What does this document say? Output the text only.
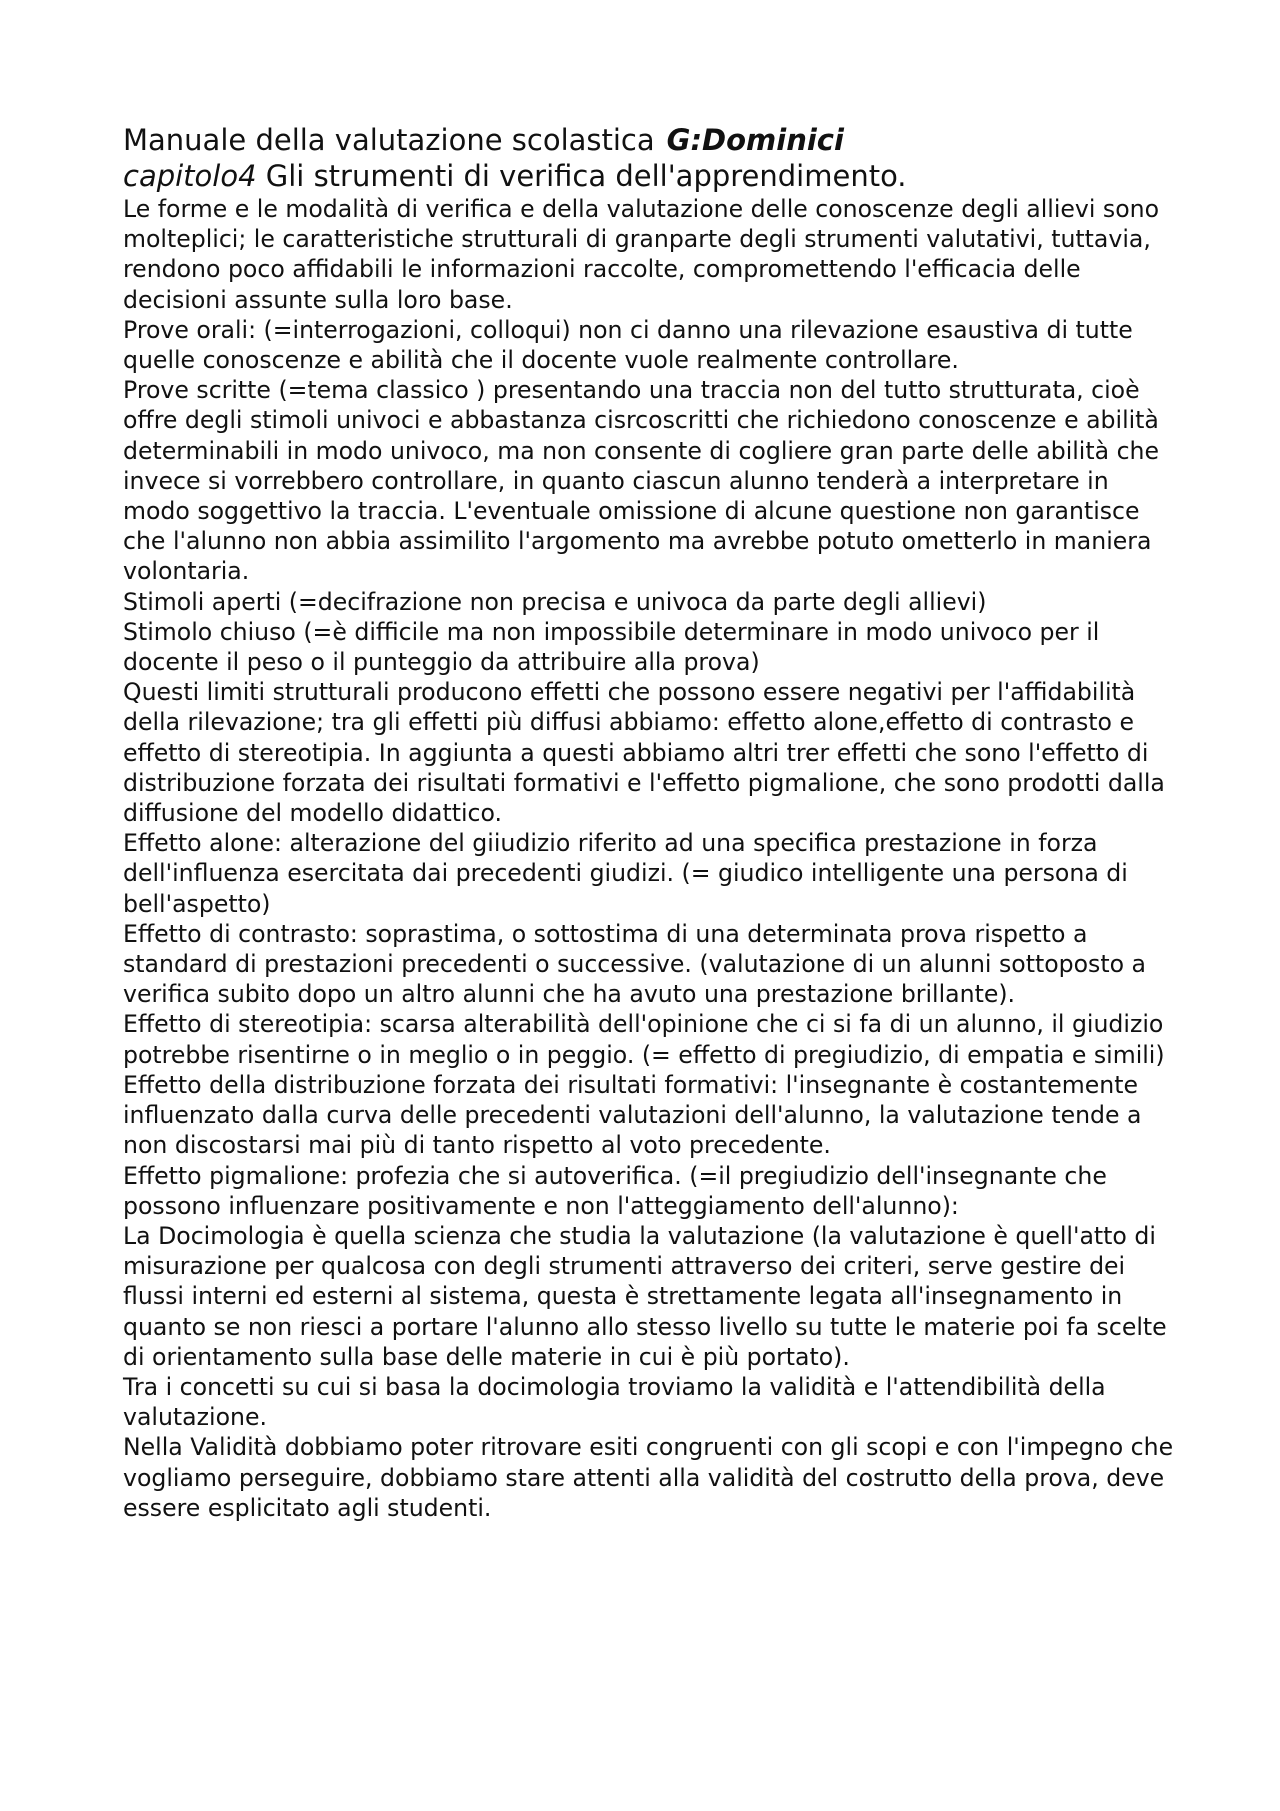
Manuale della valutazione scolastica G:Dominici
capitolo4 Gli strumenti di verifica dell'apprendimento.

Le forme e le modalità di verifica e della valutazione delle conoscenze degli allievi sono molteplici; le caratteristiche strutturali di granparte degli strumenti valutativi, tuttavia, rendono poco affidabili le informazioni raccolte, compromettendo l'efficacia delle decisioni assunte sulla loro base.

Prove orali: (=interrogazioni, colloqui) non ci danno una rilevazione esaustiva di tutte quelle conoscenze e abilità che il docente vuole realmente controllare.

Prove scritte (=tema classico ) presentando una traccia non del tutto strutturata, cioè offre degli stimoli univoci e abbastanza cisrcoscritti che richiedono conoscenze e abilità determinabili in modo univoco, ma non consente di cogliere gran parte delle abilità che invece si vorrebbero controllare, in quanto ciascun alunno tenderà a interpretare in modo soggettivo la traccia. L'eventuale omissione di alcune questione non garantisce che l'alunno non abbia assimilito l'argomento ma avrebbe potuto ometterlo in maniera volontaria.

Stimoli aperti (=decifrazione non precisa e univoca da parte degli allievi)

Stimolo chiuso (=è difficile ma non impossibile determinare in modo univoco per il docente il peso o il punteggio da attribuire alla prova)

Questi limiti strutturali producono effetti che possono essere negativi per l'affidabilità della rilevazione; tra gli effetti più diffusi abbiamo: effetto alone,effetto di contrasto e effetto di stereotipia. In aggiunta a questi abbiamo altri trer effetti che sono l'effetto di distribuzione forzata dei risultati formativi e l'effetto pigmalione, che sono prodotti dalla diffusione del modello didattico.

Effetto alone: alterazione del giiudizio riferito ad una specifica prestazione in forza dell'influenza esercitata dai precedenti giudizi. (= giudico intelligente una persona di bell'aspetto)

Effetto di contrasto: soprastima, o sottostima di una determinata prova rispetto a standard di prestazioni precedenti o successive. (valutazione di un alunni sottoposto a verifica subito dopo un altro alunni che ha avuto una prestazione brillante).

Effetto di stereotipia: scarsa alterabilità dell'opinione che ci si fa di un alunno, il giudizio potrebbe risentirne o in meglio o in peggio. (= effetto di pregiudizio, di empatia e simili)

Effetto della distribuzione forzata dei risultati formativi: l'insegnante è costantemente influenzato dalla curva delle precedenti valutazioni dell'alunno, la valutazione tende a non discostarsi mai più di tanto rispetto al voto precedente.

Effetto pigmalione: profezia che si autoverifica. (=il pregiudizio dell'insegnante che possono influenzare positivamente e non l'atteggiamento dell'alunno):

La Docimologia è quella scienza che studia la valutazione (la valutazione è quell'atto di misurazione per qualcosa con degli strumenti attraverso dei criteri, serve gestire dei flussi interni ed esterni al sistema, questa è strettamente legata all'insegnamento in quanto se non riesci a portare l'alunno allo stesso livello su tutte le materie poi fa scelte di orientamento sulla base delle materie in cui è più portato).

Tra i concetti su cui si basa la docimologia troviamo la validità e l'attendibilità della valutazione.

Nella Validità dobbiamo poter ritrovare esiti congruenti con gli scopi e con l'impegno che vogliamo perseguire, dobbiamo stare attenti alla validità del costrutto della prova, deve essere esplicitato agli studenti.
